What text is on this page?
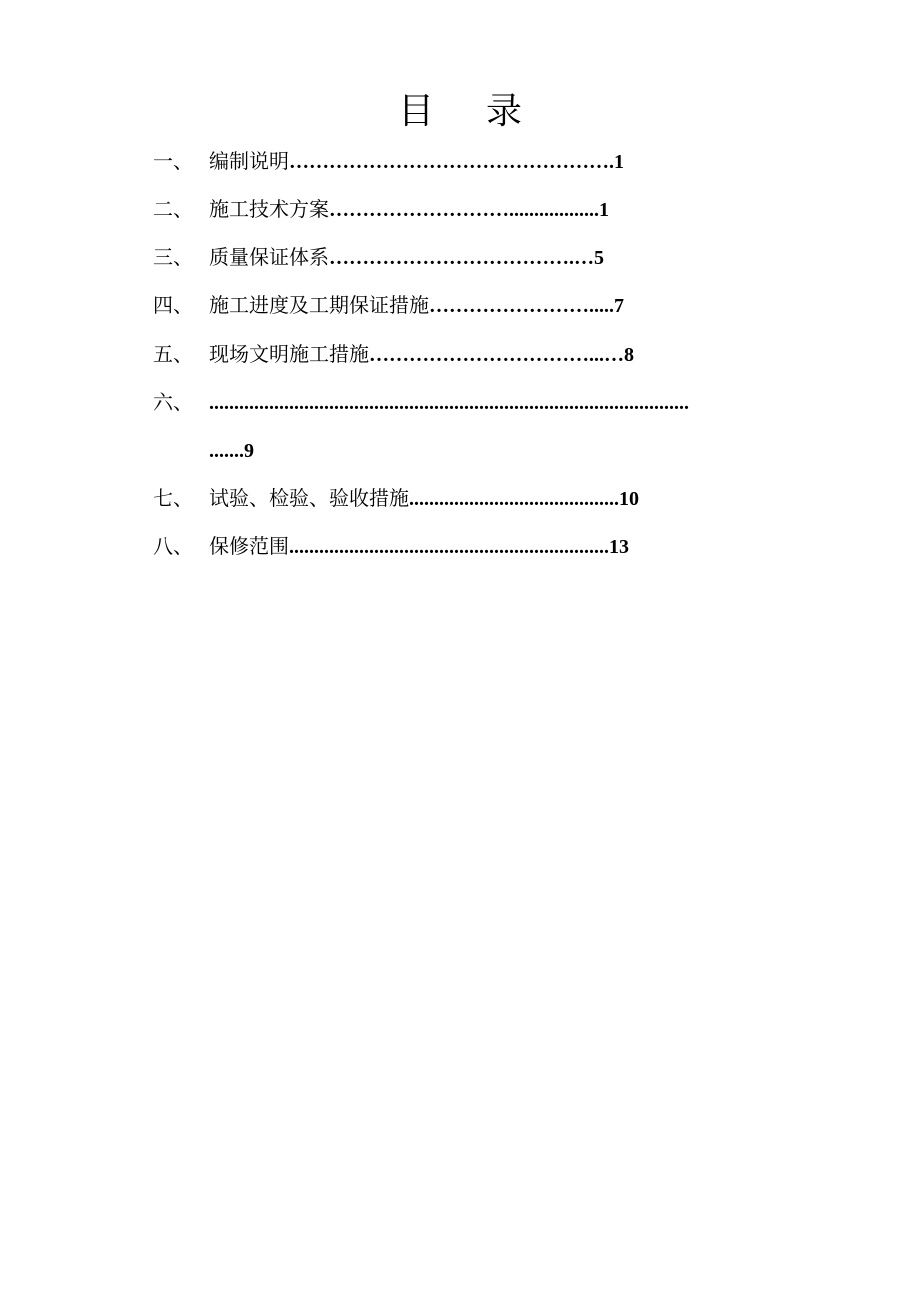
目 录
一、 编制说明………………………………………….1
二、 施工技术方案………………………..................1
三、 质量保证体系……………………………….…5
四、 施工进度及工期保证措施…………………….....7
五、 现场文明施工措施……………………………...…8
六、 ................................................................................................
.......9
七、 试验、检验、验收措施..........................................10
八、 保修范围................................................................13
